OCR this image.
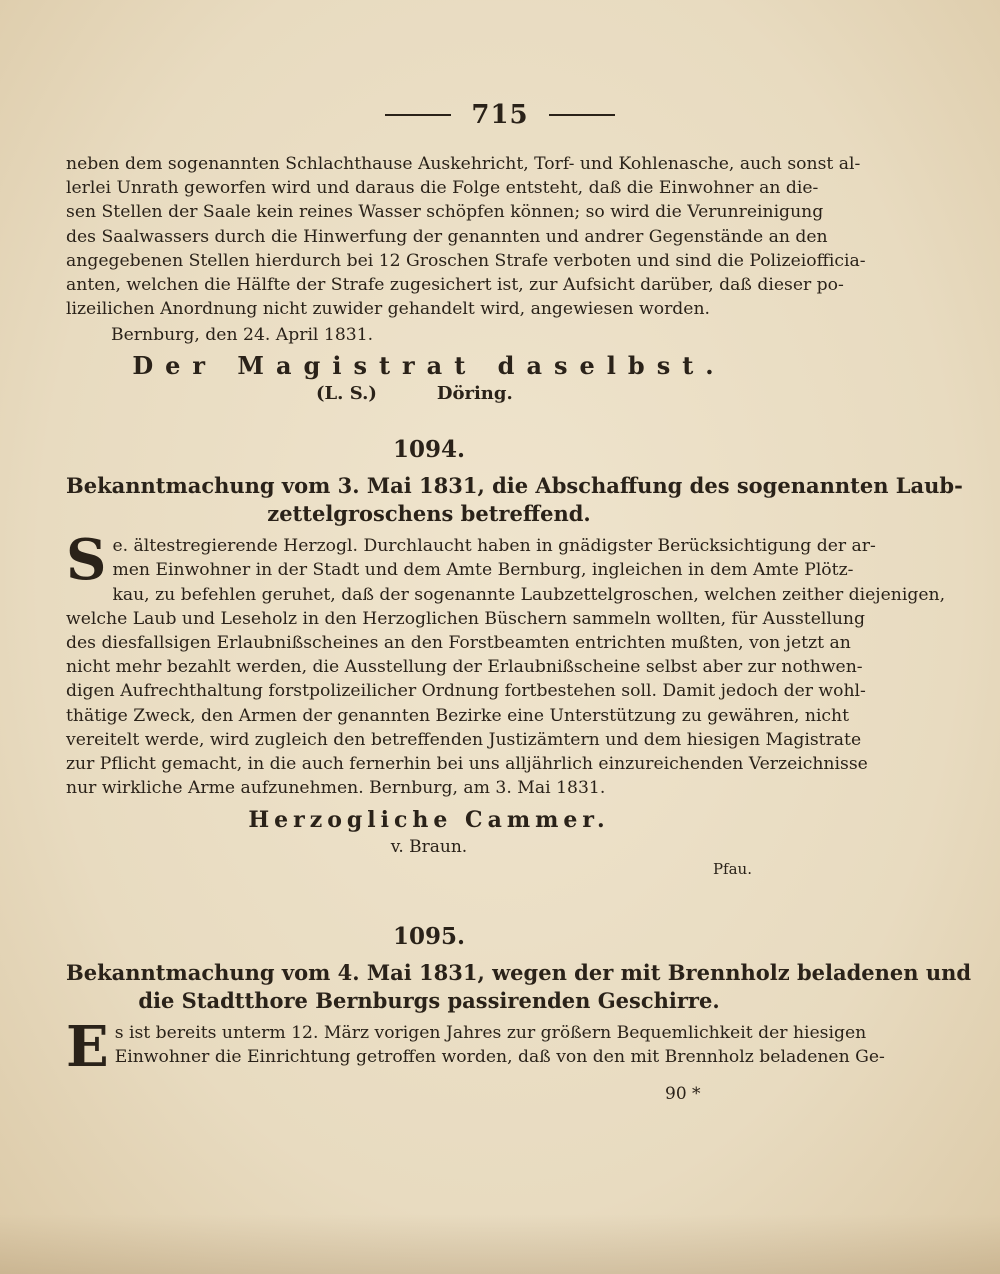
715

neben dem sogenannten Schlachthause Auskehricht, Torf- und Kohlenasche, auch sonst al-
lerlei Unrath geworfen wird und daraus die Folge entsteht, daß die Einwohner an die-
sen Stellen der Saale kein reines Wasser schöpfen können; so wird die Verunreinigung
des Saalwassers durch die Hinwerfung der genannten und andrer Gegenstände an den
angegebenen Stellen hierdurch bei 12 Groschen Strafe verboten und sind die Polizeiofficia-
anten, welchen die Hälfte der Strafe zugesichert ist, zur Aufsicht darüber, daß dieser po-
lizeilichen Anordnung nicht zuwider gehandelt wird, angewiesen worden.

Bernburg, den 24. April 1831.

Der Magistrat daselbst.
(L. S.)	Döring.
1094.
Bekanntmachung vom 3. Mai 1831, die Abschaffung des sogenannten Laub-
zettelgroschens betreffend.

S e. ältestregierende Herzogl. Durchlaucht haben in gnädigster Berücksichtigung der ar-
men Einwohner in der Stadt und dem Amte Bernburg, ingleichen in dem Amte Plötz-
kau, zu befehlen geruhet, daß der sogenannte Laubzettelgroschen, welchen zeither diejenigen,
welche Laub und Leseholz in den Herzoglichen Büschern sammeln wollten, für Ausstellung
des diesfallsigen Erlaubnißscheines an den Forstbeamten entrichten mußten, von jetzt an
nicht mehr bezahlt werden, die Ausstellung der Erlaubnißscheine selbst aber zur nothwen-
digen Aufrechthaltung forstpolizeilicher Ordnung fortbestehen soll. Damit jedoch der wohl-
thätige Zweck, den Armen der genannten Bezirke eine Unterstützung zu gewähren, nicht
vereitelt werde, wird zugleich den betreffenden Justizämtern und dem hiesigen Magistrate
zur Pflicht gemacht, in die auch fernerhin bei uns alljährlich einzureichenden Verzeichnisse
nur wirkliche Arme aufzunehmen. Bernburg, am 3. Mai 1831.

Herzogliche Cammer.
v. Braun.
Pfau.
1095.
Bekanntmachung vom 4. Mai 1831, wegen der mit Brennholz beladenen und
die Stadtthore Bernburgs passirenden Geschirre.

E s ist bereits unterm 12. März vorigen Jahres zur größern Bequemlichkeit der hiesigen
Einwohner die Einrichtung getroffen worden, daß von den mit Brennholz beladenen Ge-

90 *
